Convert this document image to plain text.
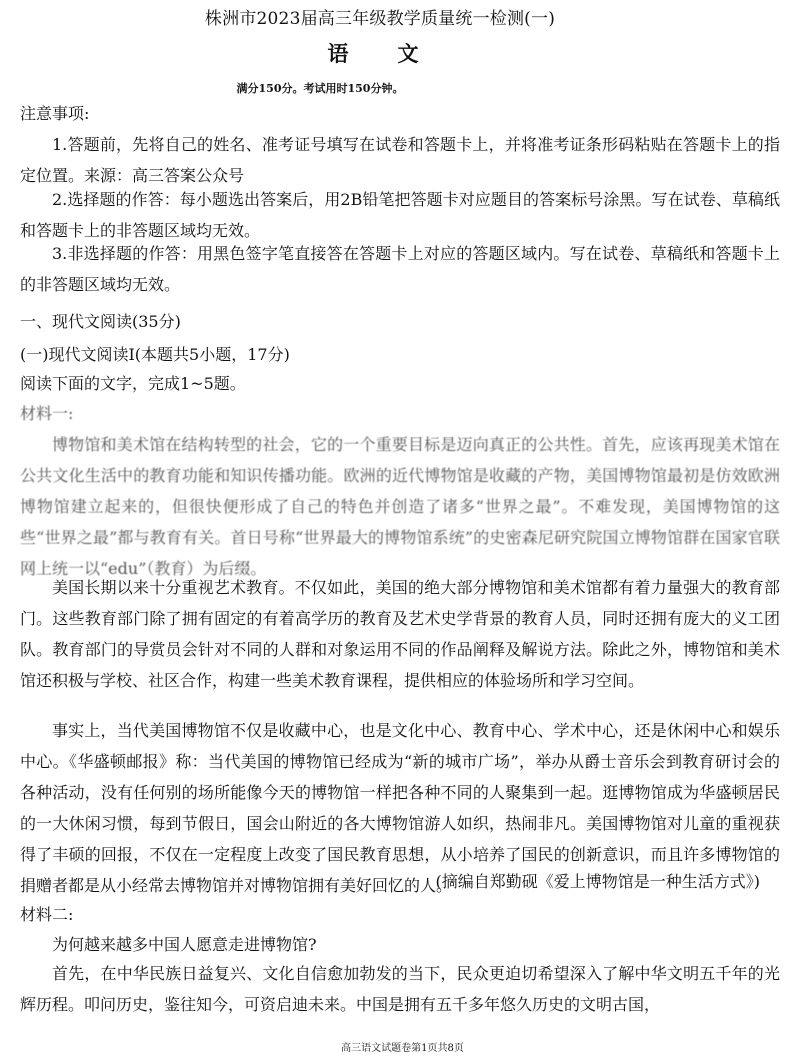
株洲市2023届高三年级教学质量统一检测(一)
语　文
满分150分。考试用时150分钟。

注意事项:

1.答题前，先将自己的姓名、准考证号填写在试卷和答题卡上，并将准考证条形码粘贴在答题卡上的指定位置。来源：高三答案公众号

2.选择题的作答：每小题选出答案后，用2B铅笔把答题卡对应题目的答案标号涂黑。写在试卷、草稿纸和答题卡上的非答题区域均无效。

3.非选择题的作答：用黑色签字笔直接答在答题卡上对应的答题区域内。写在试卷、草稿纸和答题卡上的非答题区域均无效。

一、现代文阅读(35分)

(一)现代文阅读Ⅰ(本题共5小题，17分)

阅读下面的文字，完成1~5题。

材料一:

博物馆和美术馆在结构转型的社会，它的一个重要目标是迈向真正的公共性。首先，应该再现美术馆在公共文化生活中的教育功能和知识传播功能。欧洲的近代博物馆是收藏的产物，美国博物馆最初是仿效欧洲博物馆建立起来的，但很快便形成了自己的特色并创造了诸多“世界之最”。不难发现，美国博物馆的这些“世界之最”都与教育有关。首日号称“世界最大的博物馆系统”的史密森尼研究院国立博物馆群在国家官联网上统一以“edu”（教育）为后缀。

美国长期以来十分重视艺术教育。不仅如此，美国的绝大部分博物馆和美术馆都有着力量强大的教育部门。这些教育部门除了拥有固定的有着高学历的教育及艺术史学背景的教育人员，同时还拥有庞大的义工团队。教育部门的导赏员会针对不同的人群和对象运用不同的作品阐释及解说方法。除此之外，博物馆和美术馆还积极与学校、社区合作，构建一些美术教育课程，提供相应的体验场所和学习空间。

事实上，当代美国博物馆不仅是收藏中心，也是文化中心、教育中心、学术中心，还是休闲中心和娱乐中心。《华盛顿邮报》称：当代美国的博物馆已经成为“新的城市广场”，举办从爵士音乐会到教育研讨会的各种活动，没有任何别的场所能像今天的博物馆一样把各种不同的人聚集到一起。逛博物馆成为华盛顿居民的一大休闲习惯，每到节假日，国会山附近的各大博物馆游人如织，热闹非凡。美国博物馆对儿童的重视获得了丰硕的回报，不仅在一定程度上改变了国民教育思想，从小培养了国民的创新意识，而且许多博物馆的捐赠者都是从小经常去博物馆并对博物馆拥有美好回忆的人。

(摘编自郑勤砚《爱上博物馆是一种生活方式》)

材料二:

为何越来越多中国人愿意走进博物馆?

首先，在中华民族日益复兴、文化自信愈加勃发的当下，民众更迫切希望深入了解中华文明五千年的光辉历程。叩问历史，鉴往知今，可资启迪未来。中国是拥有五千多年悠久历史的文明古国，

高三语文试题卷第1页共8页
